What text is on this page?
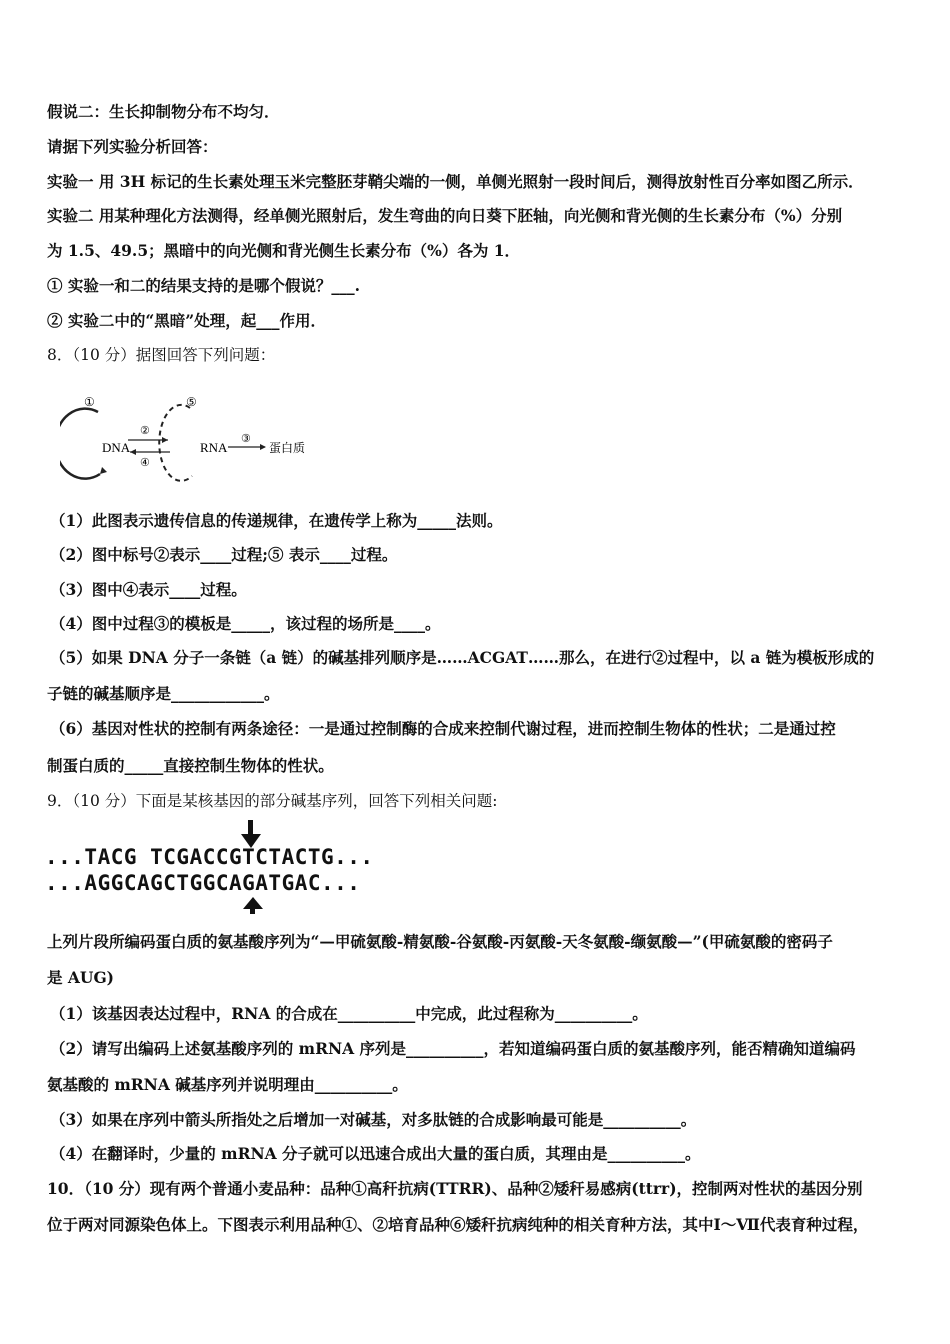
假说二：生长抑制物分布不均匀．
请据下列实验分析回答：
实验一 用 3H 标记的生长素处理玉米完整胚芽鞘尖端的一侧，单侧光照射一段时间后，测得放射性百分率如图乙所示．
实验二 用某种理化方法测得，经单侧光照射后，发生弯曲的向日葵下胚轴，向光侧和背光侧的生长素分布（%）分别
为 1.5、49.5；黑暗中的向光侧和背光侧生长素分布（%）各为 1．
① 实验一和二的结果支持的是哪个假说？___.
② 实验二中的“黑暗”处理，起___作用．
8．（10 分）据图回答下列问题：
①
DNA
②
④
⑤
RNA
③
蛋白质
（1）此图表示遗传信息的传递规律，在遗传学上称为_____法则。
（2）图中标号②表示____过程;⑤ 表示____过程。
（3）图中④表示____过程。
（4）图中过程③的模板是_____，该过程的场所是____。
（5）如果 DNA 分子一条链（a 链）的碱基排列顺序是……ACGAT……那么，在进行②过程中，以 a 链为模板形成的
子链的碱基顺序是____________。
（6）基因对性状的控制有两条途径：一是通过控制酶的合成来控制代谢过程，进而控制生物体的性状；二是通过控
制蛋白质的_____直接控制生物体的性状。
9．（10 分）下面是某核基因的部分碱基序列，回答下列相关问题:
...TACG TCGACCGTCTACTG...
...AGGCAGCTGGCAGATGAC...
上列片段所编码蛋白质的氨基酸序列为“—甲硫氨酸-精氨酸-谷氨酸-丙氨酸-天冬氨酸-缬氨酸—”(甲硫氨酸的密码子
是 AUG)
（1）该基因表达过程中，RNA 的合成在__________中完成，此过程称为__________。
（2）请写出编码上述氨基酸序列的 mRNA 序列是__________，若知道编码蛋白质的氨基酸序列，能否精确知道编码
氨基酸的 mRNA 碱基序列并说明理由__________。
（3）如果在序列中箭头所指处之后增加一对碱基，对多肽链的合成影响最可能是__________。
（4）在翻译时，少量的 mRNA 分子就可以迅速合成出大量的蛋白质，其理由是__________。
10．（10 分）现有两个普通小麦品种：品种①高秆抗病(TTRR)、品种②矮秆易感病(ttrr)，控制两对性状的基因分别
位于两对同源染色体上。下图表示利用品种①、②培育品种⑥矮秆抗病纯种的相关育种方法，其中Ⅰ～Ⅶ代表育种过程，
